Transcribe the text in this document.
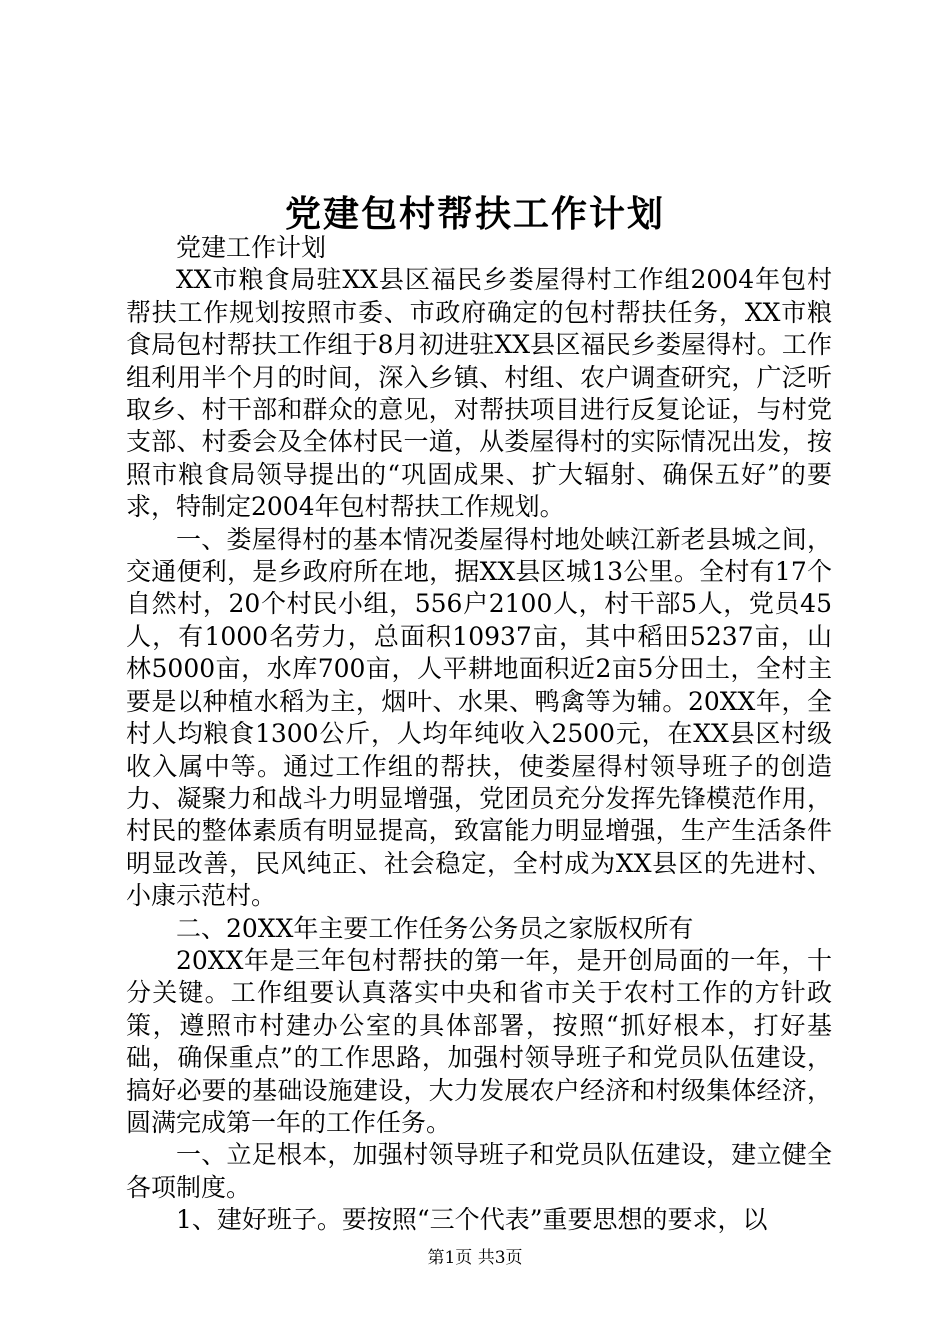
党建包村帮扶工作计划

党建工作计划

XX市粮食局驻XX县区福民乡娄屋得村工作组2004年包村帮扶工作规划按照市委、市政府确定的包村帮扶任务，XX市粮食局包村帮扶工作组于8月初进驻XX县区福民乡娄屋得村。工作组利用半个月的时间，深入乡镇、村组、农户调查研究，广泛听取乡、村干部和群众的意见，对帮扶项目进行反复论证，与村党支部、村委会及全体村民一道，从娄屋得村的实际情况出发，按照市粮食局领导提出的“巩固成果、扩大辐射、确保五好”的要求，特制定2004年包村帮扶工作规划。

一、娄屋得村的基本情况娄屋得村地处峡江新老县城之间，交通便利，是乡政府所在地，据XX县区城13公里。全村有17个自然村，20个村民小组，556户2100人，村干部5人，党员45人，有1000名劳力，总面积10937亩，其中稻田5237亩，山林5000亩，水库700亩，人平耕地面积近2亩5分田土，全村主要是以种植水稻为主，烟叶、水果、鸭禽等为辅。20XX年，全村人均粮食1300公斤，人均年纯收入2500元，在XX县区村级收入属中等。通过工作组的帮扶，使娄屋得村领导班子的创造力、凝聚力和战斗力明显增强，党团员充分发挥先锋模范作用，村民的整体素质有明显提高，致富能力明显增强，生产生活条件明显改善，民风纯正、社会稳定，全村成为XX县区的先进村、小康示范村。

二、20XX年主要工作任务公务员之家版权所有

20XX年是三年包村帮扶的第一年，是开创局面的一年，十分关键。工作组要认真落实中央和省市关于农村工作的方针政策，遵照市村建办公室的具体部署，按照“抓好根本，打好基础，确保重点”的工作思路，加强村领导班子和党员队伍建设，搞好必要的基础设施建设，大力发展农户经济和村级集体经济，圆满完成第一年的工作任务。

一、立足根本，加强村领导班子和党员队伍建设，建立健全各项制度。

1、建好班子。要按照“三个代表”重要思想的要求，以

第1页 共3页
